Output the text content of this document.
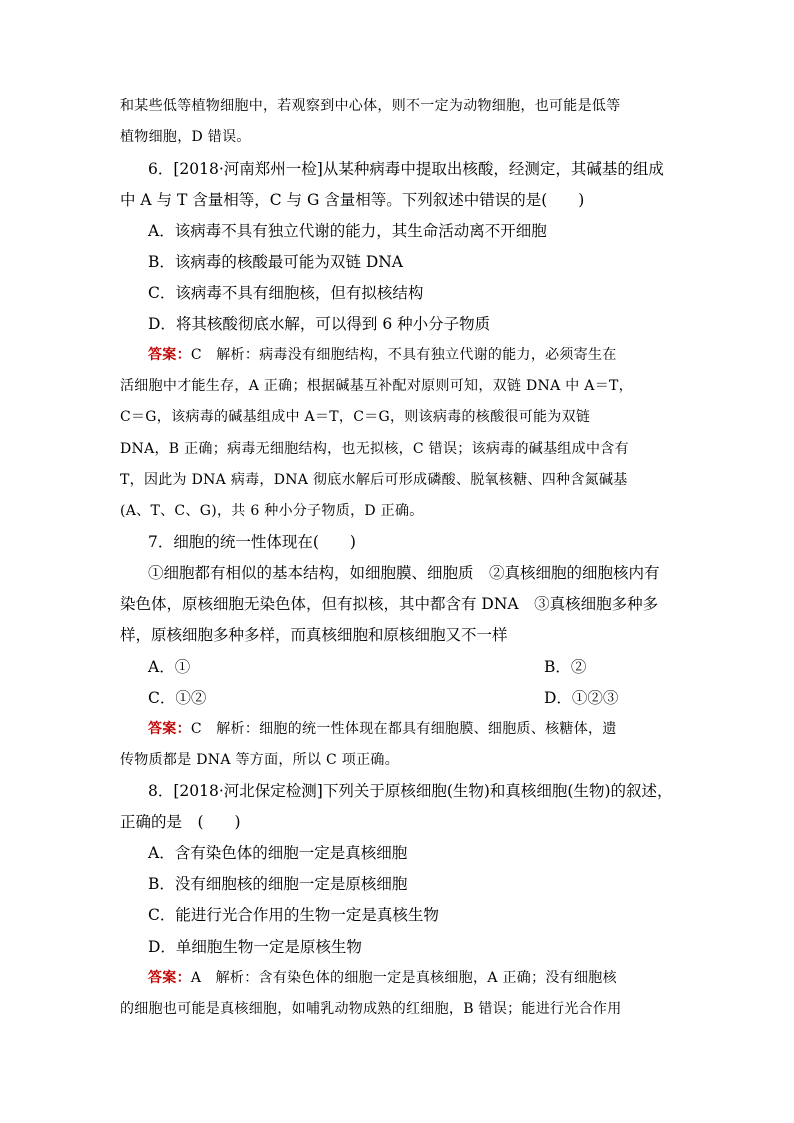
和某些低等植物细胞中，若观察到中心体，则不一定为动物细胞，也可能是低等
植物细胞，D 错误。
6．[2018·河南郑州一检]从某种病毒中提取出核酸，经测定，其碱基的组成
中 A 与 T 含量相等，C 与 G 含量相等。下列叙述中错误的是(　　)
A．该病毒不具有独立代谢的能力，其生命活动离不开细胞
B．该病毒的核酸最可能为双链 DNA
C．该病毒不具有细胞核，但有拟核结构
D．将其核酸彻底水解，可以得到 6 种小分子物质
答案：C　解析：病毒没有细胞结构，不具有独立代谢的能力，必须寄生在
活细胞中才能生存，A 正确；根据碱基互补配对原则可知，双链 DNA 中 A＝T，
C＝G，该病毒的碱基组成中 A＝T，C＝G，则该病毒的核酸很可能为双链
DNA，B 正确；病毒无细胞结构，也无拟核，C 错误；该病毒的碱基组成中含有
T，因此为 DNA 病毒，DNA 彻底水解后可形成磷酸、脱氧核糖、四种含氮碱基
(A、T、C、G)，共 6 种小分子物质，D 正确。
7．细胞的统一性体现在(　　)
①细胞都有相似的基本结构，如细胞膜、细胞质　②真核细胞的细胞核内有
染色体，原核细胞无染色体，但有拟核，其中都含有 DNA　③真核细胞多种多
样，原核细胞多种多样，而真核细胞和原核细胞又不一样
A．①	B．②
C．①②	D．①②③
答案：C　解析：细胞的统一性体现在都具有细胞膜、细胞质、核糖体，遗
传物质都是 DNA 等方面，所以 C 项正确。
8．[2018·河北保定检测]下列关于原核细胞(生物)和真核细胞(生物)的叙述，
正确的是　(　　)
A．含有染色体的细胞一定是真核细胞
B．没有细胞核的细胞一定是原核细胞
C．能进行光合作用的生物一定是真核生物
D．单细胞生物一定是原核生物
答案：A　解析：含有染色体的细胞一定是真核细胞，A 正确；没有细胞核
的细胞也可能是真核细胞，如哺乳动物成熟的红细胞，B 错误；能进行光合作用
